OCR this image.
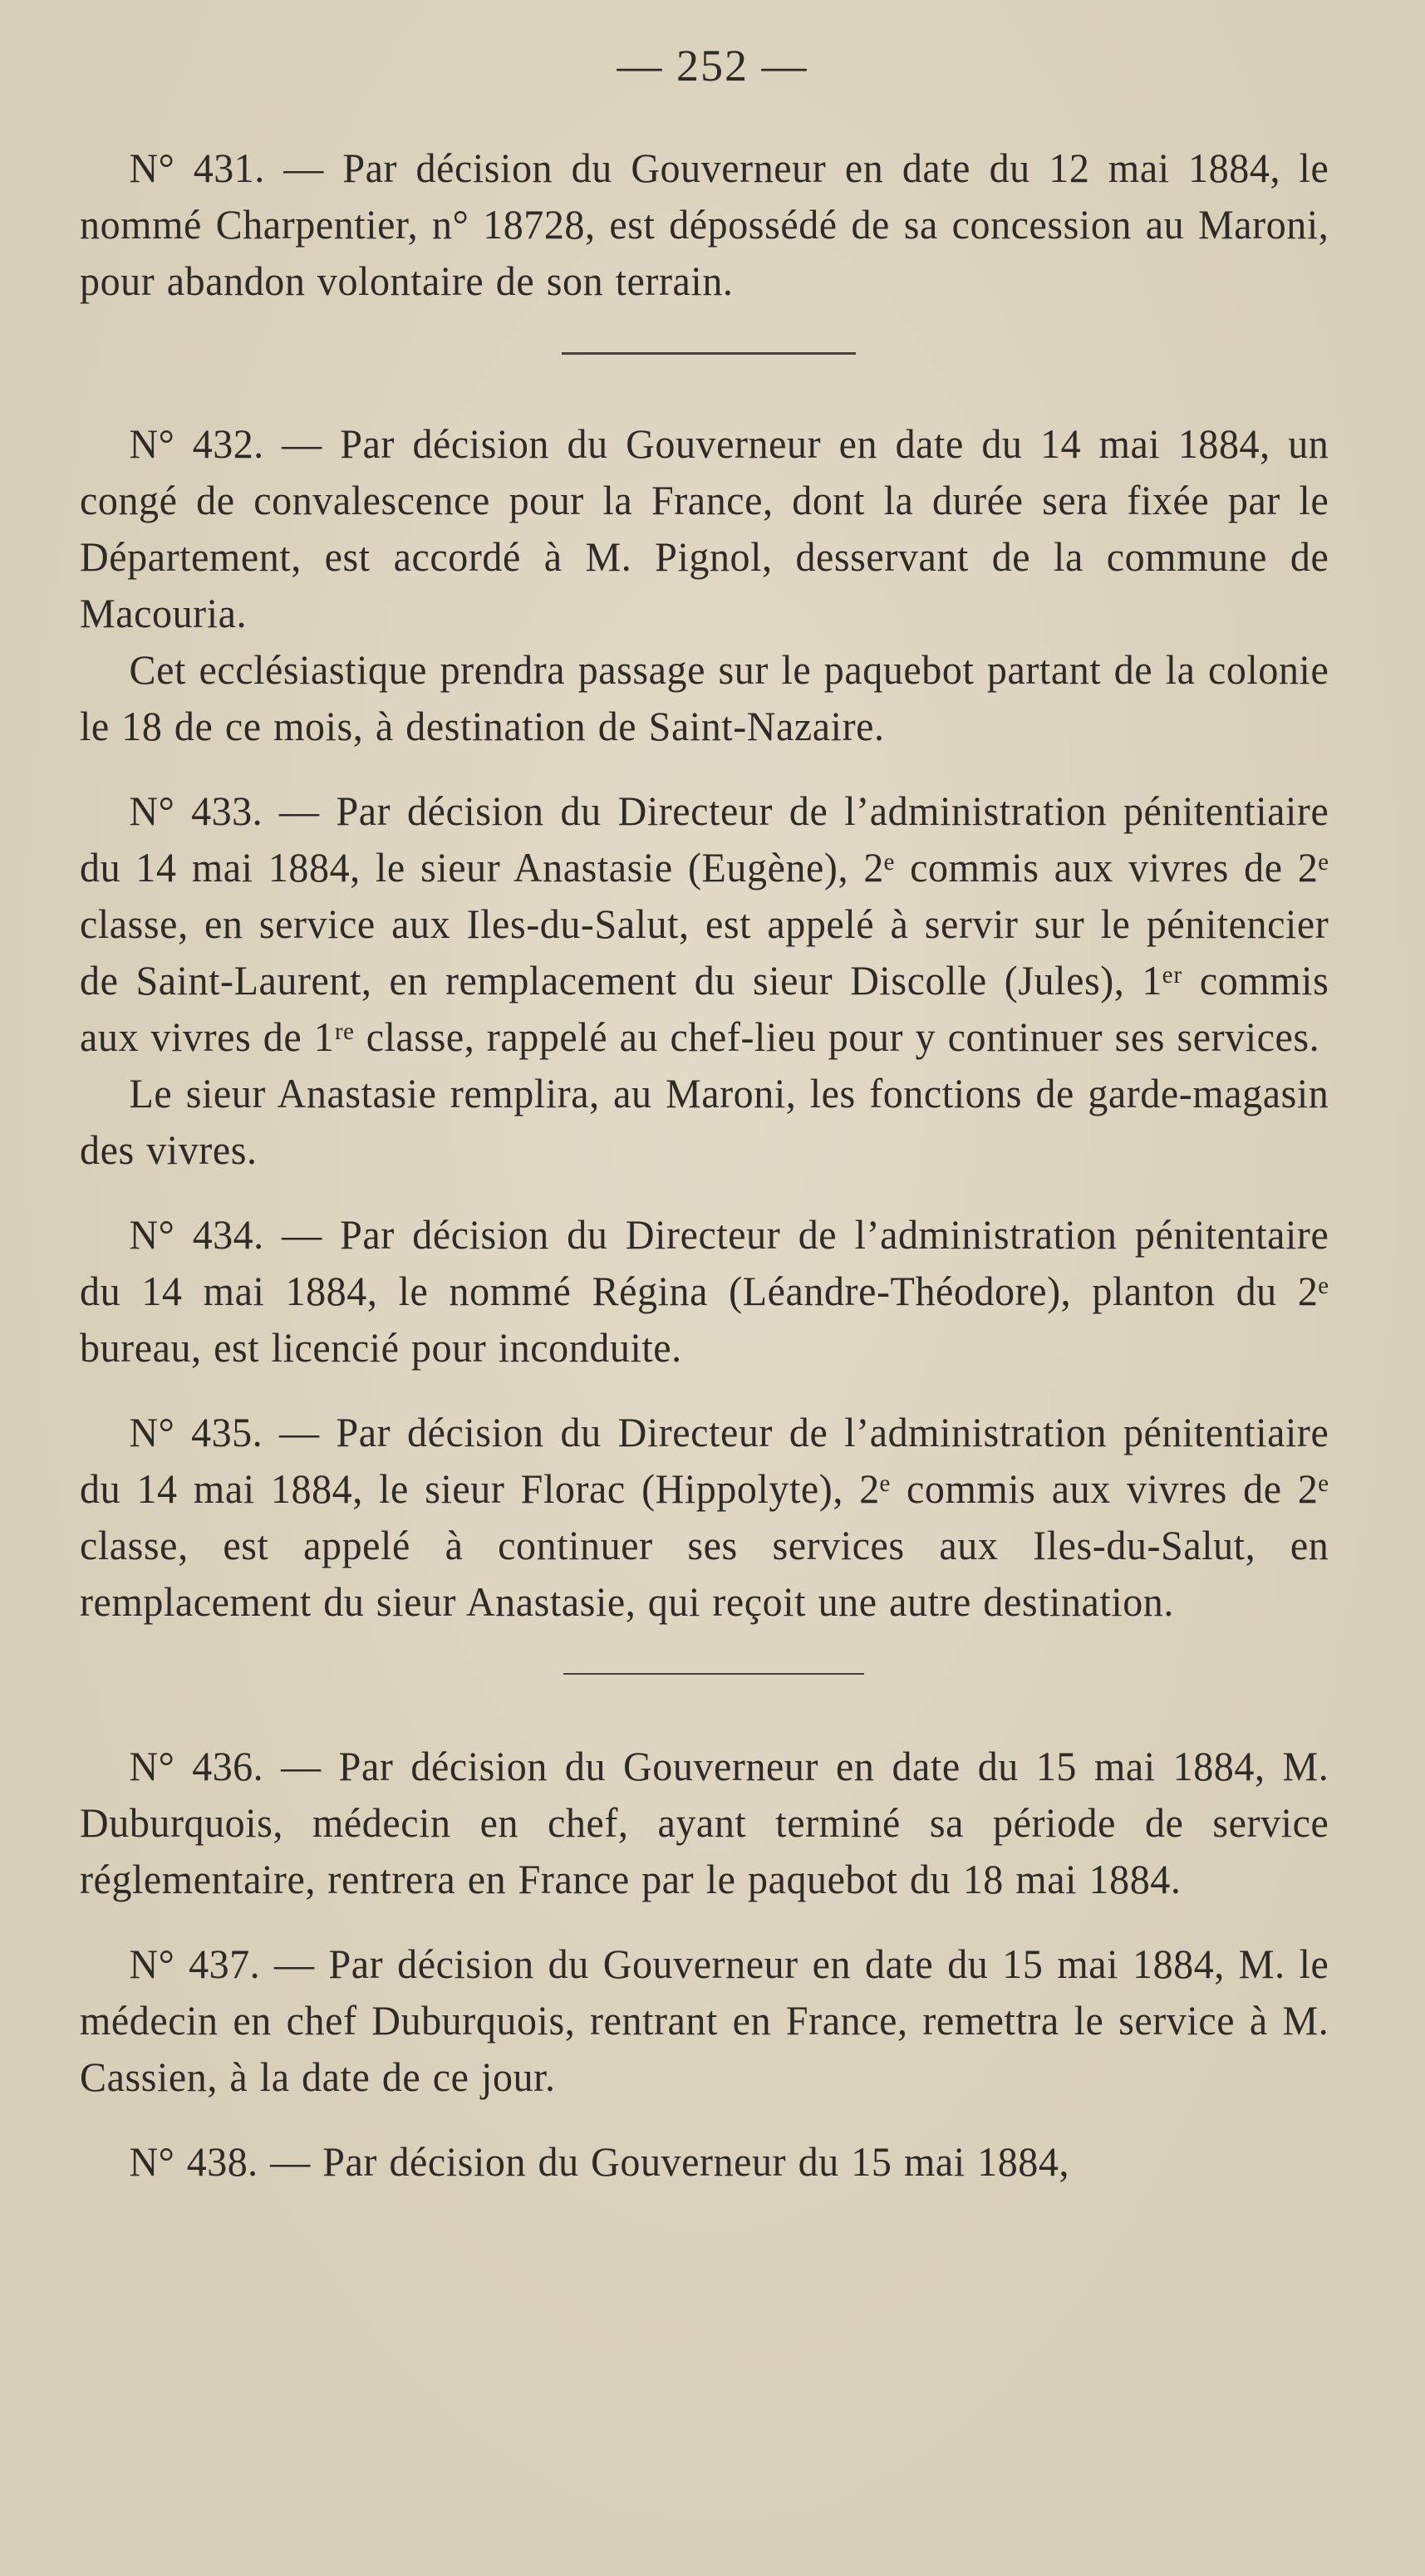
— 252 —

N° 431. — Par décision du Gouverneur en date du 12 mai 1884, le nommé Charpentier, n° 18728, est dépossédé de sa concession au Maroni, pour abandon volontaire de son terrain.

N° 432. — Par décision du Gouverneur en date du 14 mai 1884, un congé de convalescence pour la France, dont la durée sera fixée par le Département, est accordé à M. Pignol, desservant de la commune de Macouria.

Cet ecclésiastique prendra passage sur le paquebot partant de la colonie le 18 de ce mois, à destination de Saint-Nazaire.

N° 433. — Par décision du Directeur de l’administration pénitentiaire du 14 mai 1884, le sieur Anastasie (Eugène), 2ᵉ commis aux vivres de 2ᵉ classe, en service aux Iles-du-Salut, est appelé à servir sur le pénitencier de Saint-Laurent, en remplacement du sieur Discolle (Jules), 1ᵉʳ commis aux vivres de 1ʳᵉ classe, rappelé au chef-lieu pour y continuer ses services.

Le sieur Anastasie remplira, au Maroni, les fonctions de garde-magasin des vivres.

N° 434. — Par décision du Directeur de l’administration pénitentaire du 14 mai 1884, le nommé Régina (Léandre-Théodore), planton du 2ᵉ bureau, est licencié pour inconduite.

N° 435. — Par décision du Directeur de l’administration pénitentiaire du 14 mai 1884, le sieur Florac (Hippolyte), 2ᵉ commis aux vivres de 2ᵉ classe, est appelé à continuer ses services aux Iles-du-Salut, en remplacement du sieur Anastasie, qui reçoit une autre destination.

N° 436. — Par décision du Gouverneur en date du 15 mai 1884, M. Duburquois, médecin en chef, ayant terminé sa période de service réglementaire, rentrera en France par le paquebot du 18 mai 1884.

N° 437. — Par décision du Gouverneur en date du 15 mai 1884, M. le médecin en chef Duburquois, rentrant en France, remettra le service à M. Cassien, à la date de ce jour.

N° 438. — Par décision du Gouverneur du 15 mai 1884,
